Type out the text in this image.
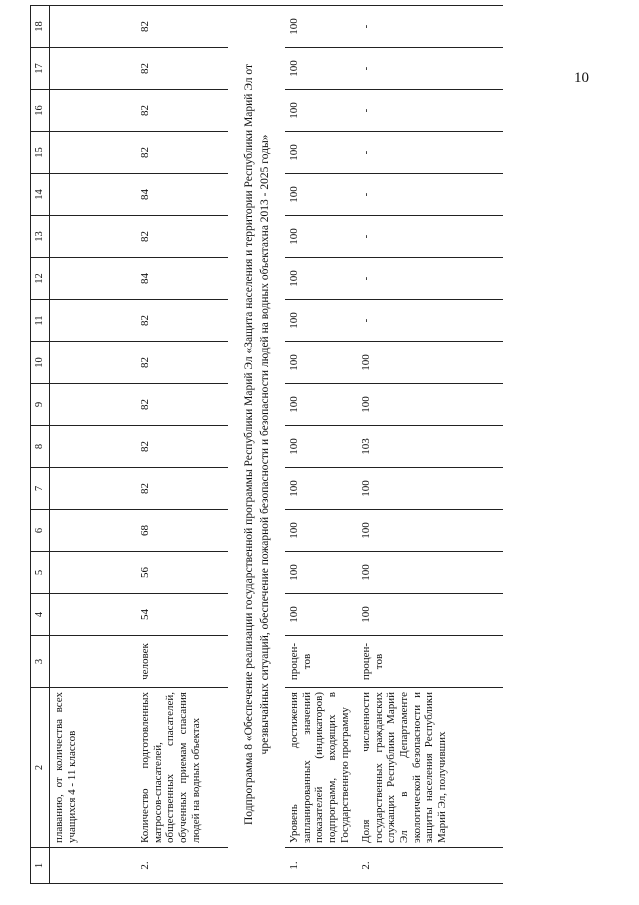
10
1	2	3	4	5	6	7	8	9	10	11	12	13	14	15	16	17	18
	плаванию, от количества всех учащихся 4 - 11 классов																
2.	Количество подготовленных матросов-спасателей, общественных спасателей, обученных приемам спасания людей на водных объектах	человек	54	56	68	82	82	82	82	82	84	82	84	82	82	82	82
Подпрограмма 8 «Обеспечение реализации государственной программы Республики Марий Эл «Защита населения и территории Республики Марий Эл от чрезвычайных ситуаций, обеспечение пожарной безопасности и безопасности людей на водных объектахна 2013 - 2025 годы»																	
1.	Уровень достижения запланированных значений показателей (индикаторов) подпрограмм, входящих в Государственную программу	процен-тов	100	100	100	100	100	100	100	100	100	100	100	100	100	100	100
2.	Доля численности государственных гражданских служащих Республики Марий Эл в Департаменте экологической безопасности и защиты населения Республики Марий Эл, получивших	процен-тов	100	100	100	100	103	100	100	-	-	-	-	-	-	-	-
